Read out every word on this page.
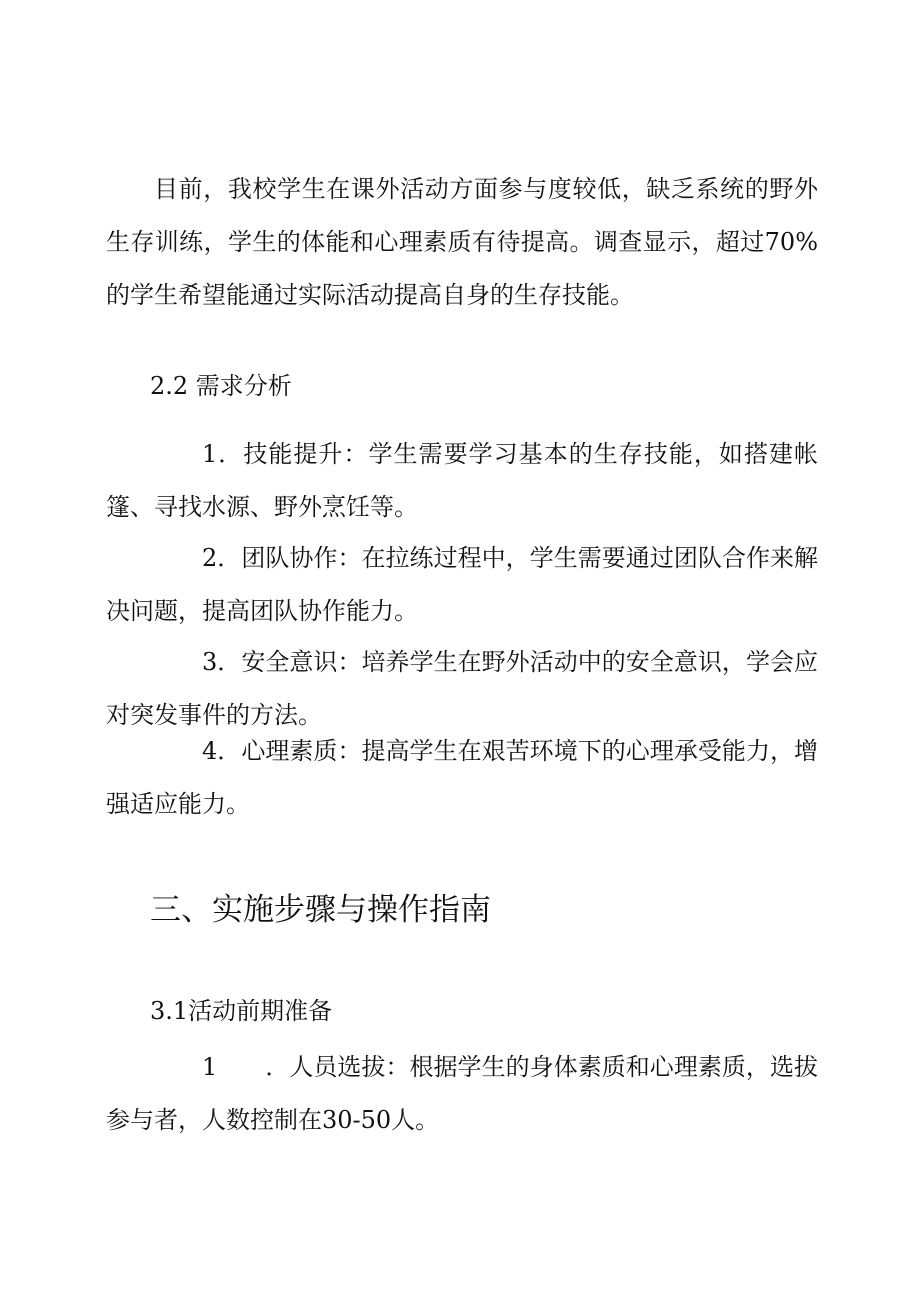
目前，我校学生在课外活动方面参与度较低，缺乏系统的野外生存训练，学生的体能和心理素质有待提高。调查显示，超过70%的学生希望能通过实际活动提高自身的生存技能。

2.2 需求分析

1．技能提升：学生需要学习基本的生存技能，如搭建帐篷、寻找水源、野外烹饪等。

2．团队协作：在拉练过程中，学生需要通过团队合作来解决问题，提高团队协作能力。

3．安全意识：培养学生在野外活动中的安全意识，学会应对突发事件的方法。

4．心理素质：提高学生在艰苦环境下的心理承受能力，增强适应能力。

三、实施步骤与操作指南

3.1活动前期准备

1 ．人员选拔：根据学生的身体素质和心理素质，选拔参与者，人数控制在30-50人。
